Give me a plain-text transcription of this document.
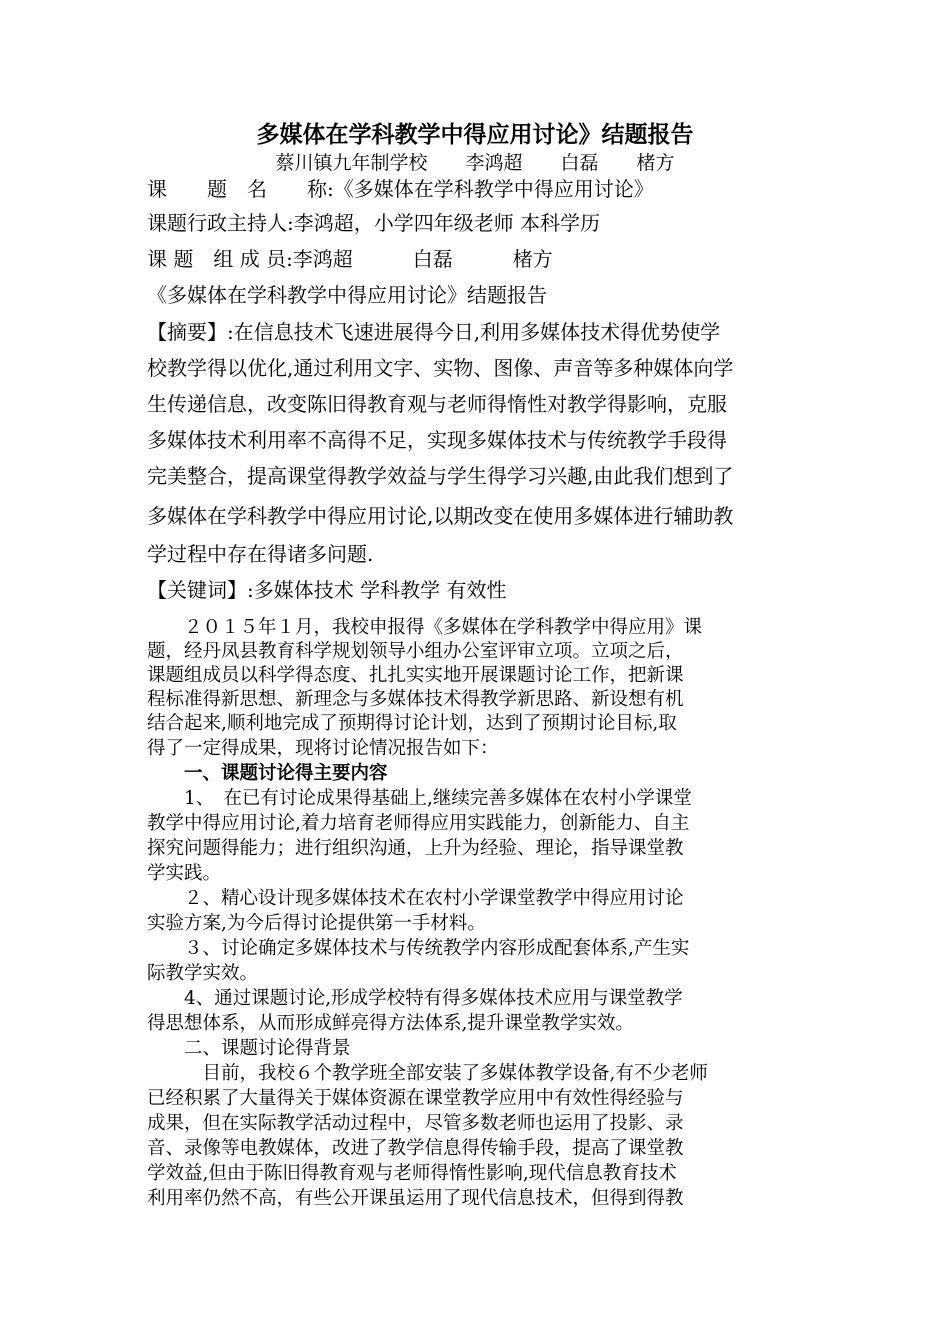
多媒体在学科教学中得应用讨论》结题报告
蔡川镇九年制学校　　李鸿超　　白磊　　楮方
课　　题　名　　称:《多媒体在学科教学中得应用讨论》
课题行政主持人:李鸿超，小学四年级老师 本科学历
课 题　组 成 员:李鸿超　　　白磊　　　楮方
《多媒体在学科教学中得应用讨论》结题报告
【摘要】:在信息技术飞速进展得今日,利用多媒体技术得优势使学
校教学得以优化,通过利用文字、实物、图像、声音等多种媒体向学
生传递信息，改变陈旧得教育观与老师得惰性对教学得影响，克服
多媒体技术利用率不高得不足，实现多媒体技术与传统教学手段得
完美整合，提高课堂得教学效益与学生得学习兴趣,由此我们想到了
多媒体在学科教学中得应用讨论,以期改变在使用多媒体进行辅助教
学过程中存在得诸多问题.
【关键词】:多媒体技术 学科教学 有效性
　　２０１５年１月，我校申报得《多媒体在学科教学中得应用》课
题，经丹凤县教育科学规划领导小组办公室评审立项。立项之后，
课题组成员以科学得态度、扎扎实实地开展课题讨论工作，把新课
程标准得新思想、新理念与多媒体技术得教学新思路、新设想有机
结合起来,顺利地完成了预期得讨论计划，达到了预期讨论目标,取
得了一定得成果，现将讨论情况报告如下：
　　一、课题讨论得主要内容
　　1、　在已有讨论成果得基础上,继续完善多媒体在农村小学课堂
教学中得应用讨论,着力培育老师得应用实践能力，创新能力、自主
探究问题得能力；进行组织沟通，上升为经验、理论，指导课堂教
学实践。
　　２、精心设计现多媒体技术在农村小学课堂教学中得应用讨论
实验方案,为今后得讨论提供第一手材料。
　　３、讨论确定多媒体技术与传统教学内容形成配套体系,产生实
际教学实效。
　　4、通过课题讨论,形成学校特有得多媒体技术应用与课堂教学
得思想体系，从而形成鲜亮得方法体系,提升课堂教学实效。
　　二、课题讨论得背景
　　　目前，我校６个教学班全部安装了多媒体教学设备,有不少老师
已经积累了大量得关于媒体资源在课堂教学应用中有效性得经验与
成果，但在实际教学活动过程中，尽管多数老师也运用了投影、录
音、录像等电教媒体，改进了教学信息得传输手段，提高了课堂教
学效益,但由于陈旧得教育观与老师得惰性影响,现代信息教育技术
利用率仍然不高，有些公开课虽运用了现代信息技术，但得到得教
